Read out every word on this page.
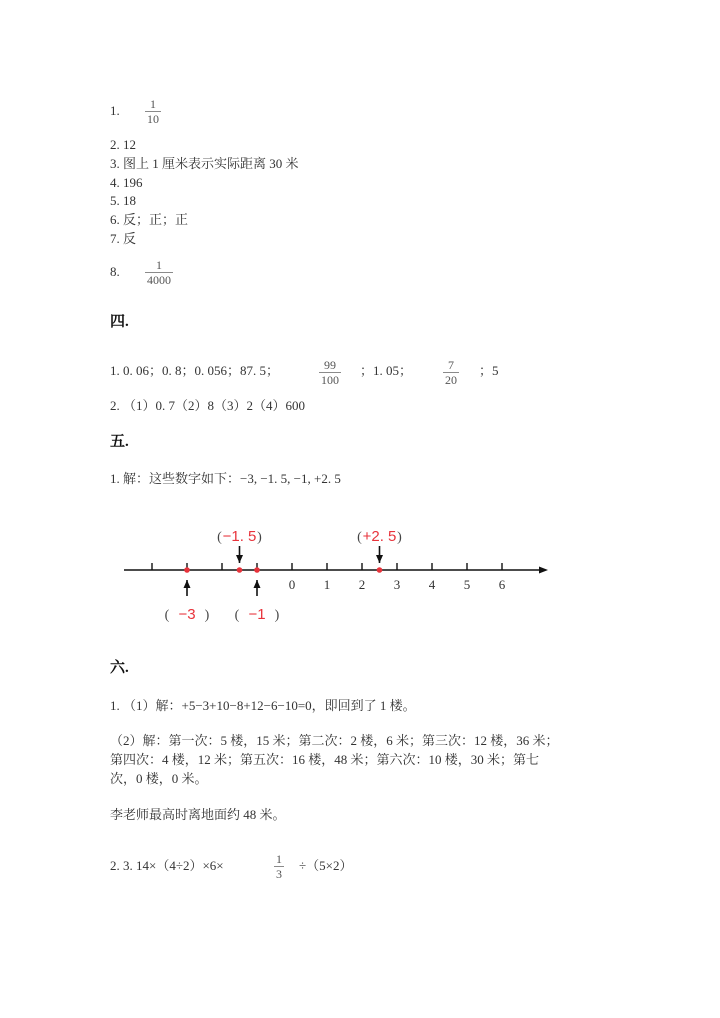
1. $\frac{1}{10}$
2. 12
3. 图上 1 厘米表示实际距离 30 米
4. 196
5. 18
6. 反；正；正
7. 反
8. $\frac{1}{4000}$
四.
1. 0. 06；0. 8；0. 056；87. 5；	$\frac{99}{100}$ ；1. 05；	$\frac{7}{20}$ ；5
2. （1）0. 7（2）8（3）2（4）600
五.
1. 解：这些数字如下：−3, −1. 5, −1, +2. 5
0 1 2 3 4 5 6
( −3 )
( −1. 5 )
( −1 )
( +2. 5 )
六.
1. （1）解：+5−3+10−8+12−6−10=0，即回到了 1 楼。
（2）解：第一次：5 楼，15 米；第二次：2 楼，6 米；第三次：12 楼，36 米；
第四次：4 楼，12 米；第五次：16 楼，48 米；第六次：10 楼，30 米；第七
次，0 楼，0 米。
李老师最高时离地面约 48 米。
2. 3. 14×（4÷2）×6×	$\frac{1}{3} \div(5\times 2)$
